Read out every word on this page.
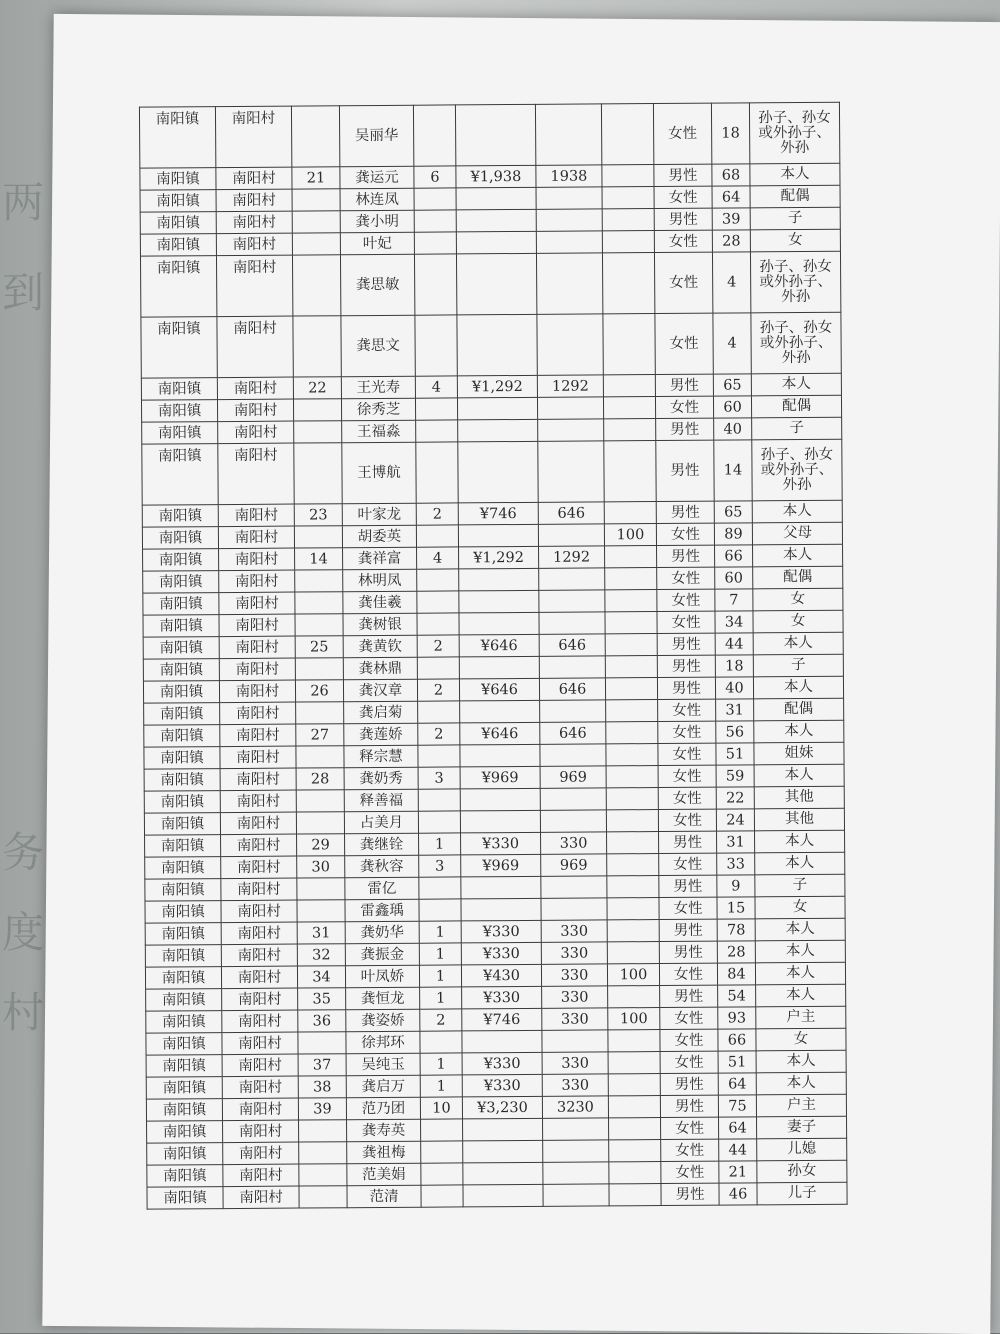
两
到
务
度
村
南阳镇	南阳村		吴丽华					女性	18	孙子、孙女或外孙子、外孙
南阳镇	南阳村	21	龚运元	6	¥1,938	1938		男性	68	本人
南阳镇	南阳村		林连凤					女性	64	配偶
南阳镇	南阳村		龚小明					男性	39	子
南阳镇	南阳村		叶妃					女性	28	女
南阳镇	南阳村		龚思敏					女性	4	孙子、孙女或外孙子、外孙
南阳镇	南阳村		龚思文					女性	4	孙子、孙女或外孙子、外孙
南阳镇	南阳村	22	王光寿	4	¥1,292	1292		男性	65	本人
南阳镇	南阳村		徐秀芝					女性	60	配偶
南阳镇	南阳村		王福淼					男性	40	子
南阳镇	南阳村		王博航					男性	14	孙子、孙女或外孙子、外孙
南阳镇	南阳村	23	叶家龙	2	¥746	646		男性	65	本人
南阳镇	南阳村		胡委英				100	女性	89	父母
南阳镇	南阳村	14	龚祥富	4	¥1,292	1292		男性	66	本人
南阳镇	南阳村		林明凤					女性	60	配偶
南阳镇	南阳村		龚佳羲					女性	7	女
南阳镇	南阳村		龚树银					女性	34	女
南阳镇	南阳村	25	龚黄钦	2	¥646	646		男性	44	本人
南阳镇	南阳村		龚林鼎					男性	18	子
南阳镇	南阳村	26	龚汉章	2	¥646	646		男性	40	本人
南阳镇	南阳村		龚启菊					女性	31	配偶
南阳镇	南阳村	27	龚莲娇	2	¥646	646		女性	56	本人
南阳镇	南阳村		释宗慧					女性	51	姐妹
南阳镇	南阳村	28	龚奶秀	3	¥969	969		女性	59	本人
南阳镇	南阳村		释善福					女性	22	其他
南阳镇	南阳村		占美月					女性	24	其他
南阳镇	南阳村	29	龚继铨	1	¥330	330		男性	31	本人
南阳镇	南阳村	30	龚秋容	3	¥969	969		女性	33	本人
南阳镇	南阳村		雷亿					男性	9	子
南阳镇	南阳村		雷鑫瑀					女性	15	女
南阳镇	南阳村	31	龚奶华	1	¥330	330		男性	78	本人
南阳镇	南阳村	32	龚振金	1	¥330	330		男性	28	本人
南阳镇	南阳村	34	叶凤娇	1	¥430	330	100	女性	84	本人
南阳镇	南阳村	35	龚恒龙	1	¥330	330		男性	54	本人
南阳镇	南阳村	36	龚姿娇	2	¥746	330	100	女性	93	户主
南阳镇	南阳村		徐邦环					女性	66	女
南阳镇	南阳村	37	吴纯玉	1	¥330	330		女性	51	本人
南阳镇	南阳村	38	龚启万	1	¥330	330		男性	64	本人
南阳镇	南阳村	39	范乃团	10	¥3,230	3230		男性	75	户主
南阳镇	南阳村		龚寿英					女性	64	妻子
南阳镇	南阳村		龚祖梅					女性	44	儿媳
南阳镇	南阳村		范美娟					女性	21	孙女
南阳镇	南阳村		范清					男性	46	儿子
